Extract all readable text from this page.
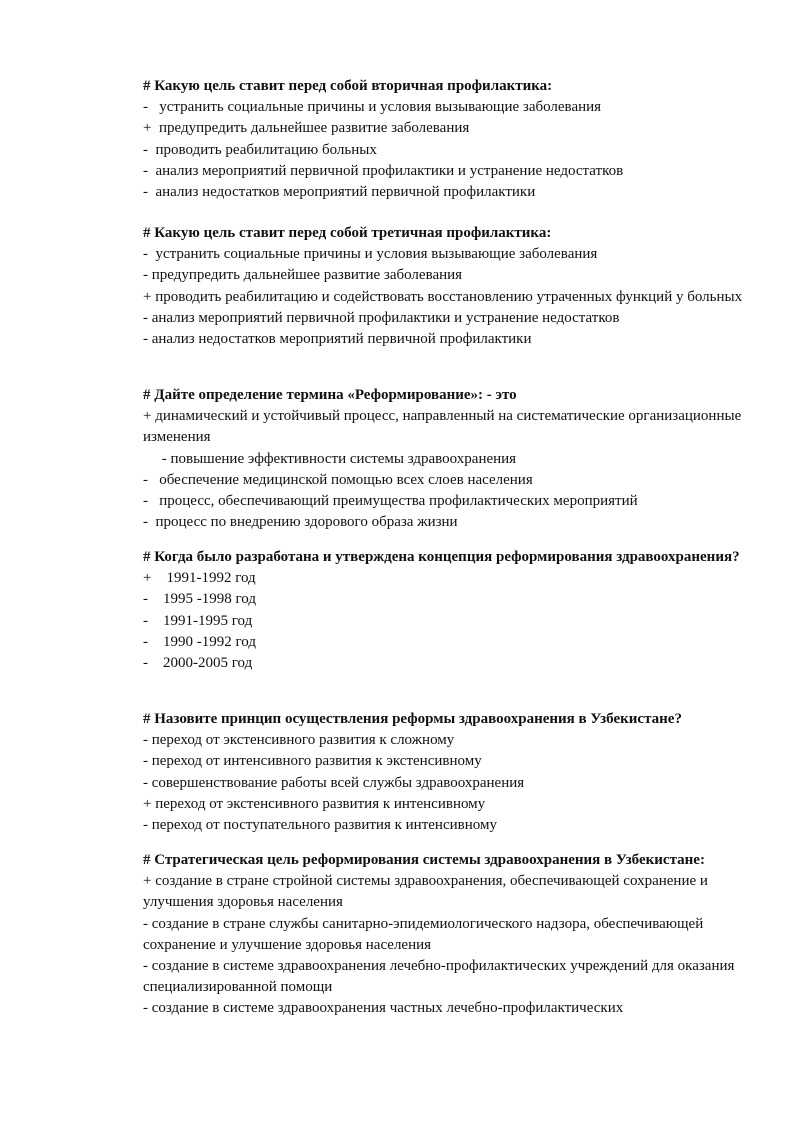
# Какую цель ставит перед собой вторичная профилактика:

-   устранить социальные причины и условия вызывающие заболевания

+  предупредить дальнейшее развитие заболевания

-  проводить реабилитацию больных

-  анализ мероприятий первичной профилактики и устранение недостатков

-  анализ недостатков мероприятий первичной профилактики

# Какую цель ставит перед собой третичная профилактика:

-  устранить социальные причины и условия вызывающие заболевания

- предупредить дальнейшее развитие заболевания

+ проводить реабилитацию и содействовать восстановлению утраченных функций у больных

- анализ мероприятий первичной профилактики и устранение недостатков

- анализ недостатков мероприятий первичной профилактики

# Дайте определение термина «Реформирование»: - это

+ динамический и устойчивый процесс, направленный на систематические организационные изменения

- повышение эффективности системы здравоохранения

-   обеспечение медицинской помощью всех слоев населения

-   процесс, обеспечивающий преимущества профилактических мероприятий

-  процесс по внедрению здорового образа жизни

# Когда было разработана и утверждена концепция реформирования здравоохранения?

+    1991-1992 год

-    1995 -1998 год

-    1991-1995 год

-    1990 -1992 год

-    2000-2005 год

# Назовите принцип осуществления реформы здравоохранения в Узбекистане?

- переход от экстенсивного развития к сложному

- переход от интенсивного развития к экстенсивному

- совершенствование работы всей службы здравоохранения

+ переход от экстенсивного развития к интенсивному

- переход от поступательного развития к интенсивному

# Стратегическая цель реформирования системы здравоохранения в Узбекистане:

+ создание в стране стройной системы здравоохранения, обеспечивающей сохранение и улучшения здоровья населения

- создание в стране службы санитарно-эпидемиологического надзора, обеспечивающей сохранение и улучшение здоровья населения

- создание в системе здравоохранения лечебно-профилактических учреждений для оказания специализированной помощи

- создание в системе здравоохранения частных лечебно-профилактических
